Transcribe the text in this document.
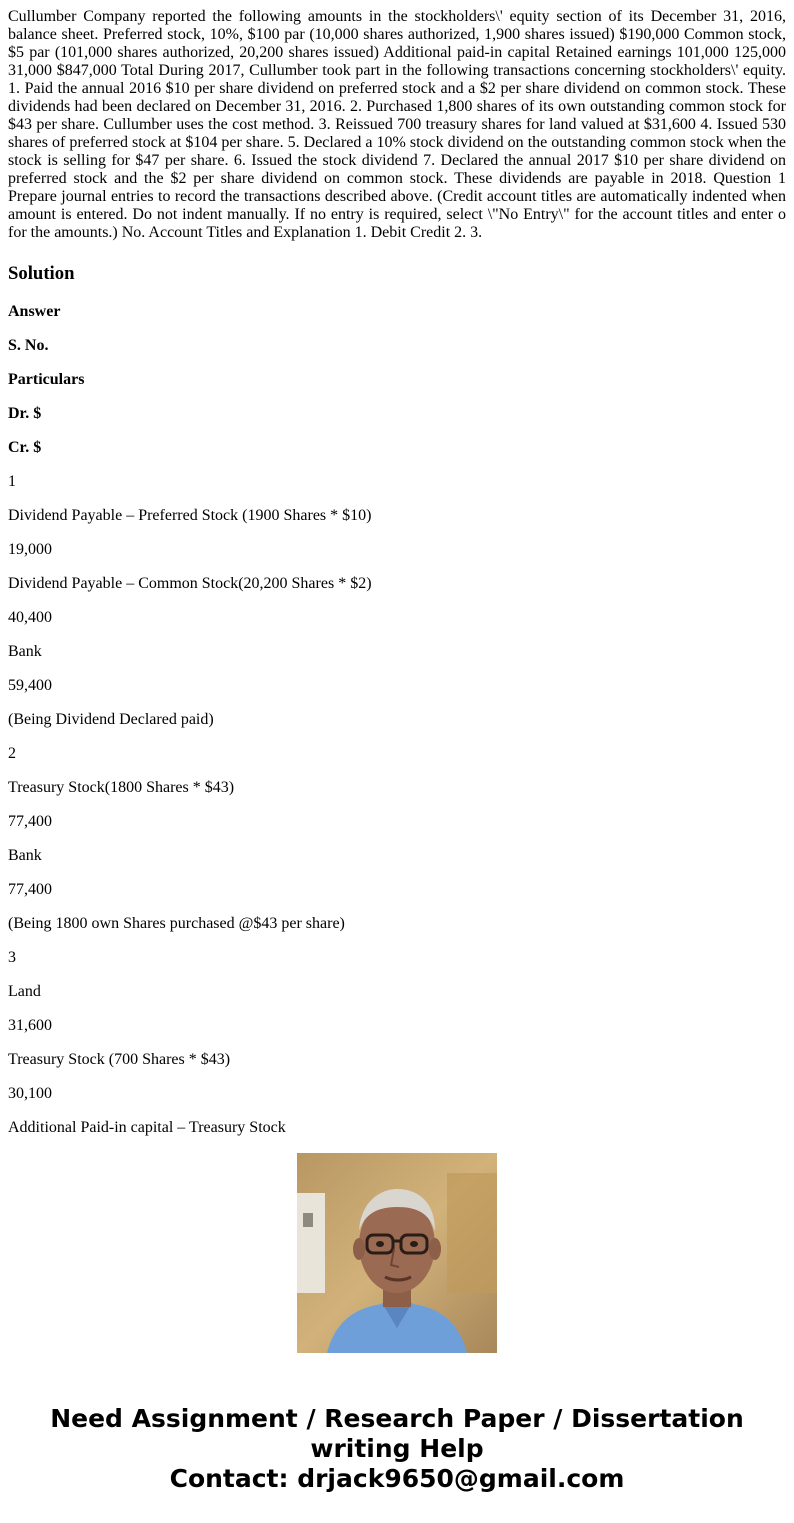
Cullumber Company reported the following amounts in the stockholders\' equity section of its December 31, 2016, balance sheet. Preferred stock, 10%, $100 par (10,000 shares authorized, 1,900 shares issued) $190,000 Common stock, $5 par (101,000 shares authorized, 20,200 shares issued) Additional paid-in capital Retained earnings 101,000 125,000 31,000 $847,000 Total During 2017, Cullumber took part in the following transactions concerning stockholders\' equity. 1. Paid the annual 2016 $10 per share dividend on preferred stock and a $2 per share dividend on common stock. These dividends had been declared on December 31, 2016. 2. Purchased 1,800 shares of its own outstanding common stock for $43 per share. Cullumber uses the cost method. 3. Reissued 700 treasury shares for land valued at $31,600 4. Issued 530 shares of preferred stock at $104 per share. 5. Declared a 10% stock dividend on the outstanding common stock when the stock is selling for $47 per share. 6. Issued the stock dividend 7. Declared the annual 2017 $10 per share dividend on preferred stock and the $2 per share dividend on common stock. These dividends are payable in 2018. Question 1 Prepare journal entries to record the transactions described above. (Credit account titles are automatically indented when amount is entered. Do not indent manually. If no entry is required, select \"No Entry\" for the account titles and enter o for the amounts.) No. Account Titles and Explanation 1. Debit Credit 2. 3.

Solution

Answer

S. No.

Particulars

Dr. $

Cr. $

1

Dividend Payable – Preferred Stock (1900 Shares * $10)

19,000

Dividend Payable – Common Stock(20,200 Shares * $2)

40,400

Bank

59,400

(Being Dividend Declared paid)

2

Treasury Stock(1800 Shares * $43)

77,400

Bank

77,400

(Being 1800 own Shares purchased @$43 per share)

3

Land

31,600

Treasury Stock (700 Shares * $43)

30,100

Additional Paid-in capital – Treasury Stock

Need Assignment / Research Paper / Dissertation
writing Help
Contact: drjack9650@gmail.com
